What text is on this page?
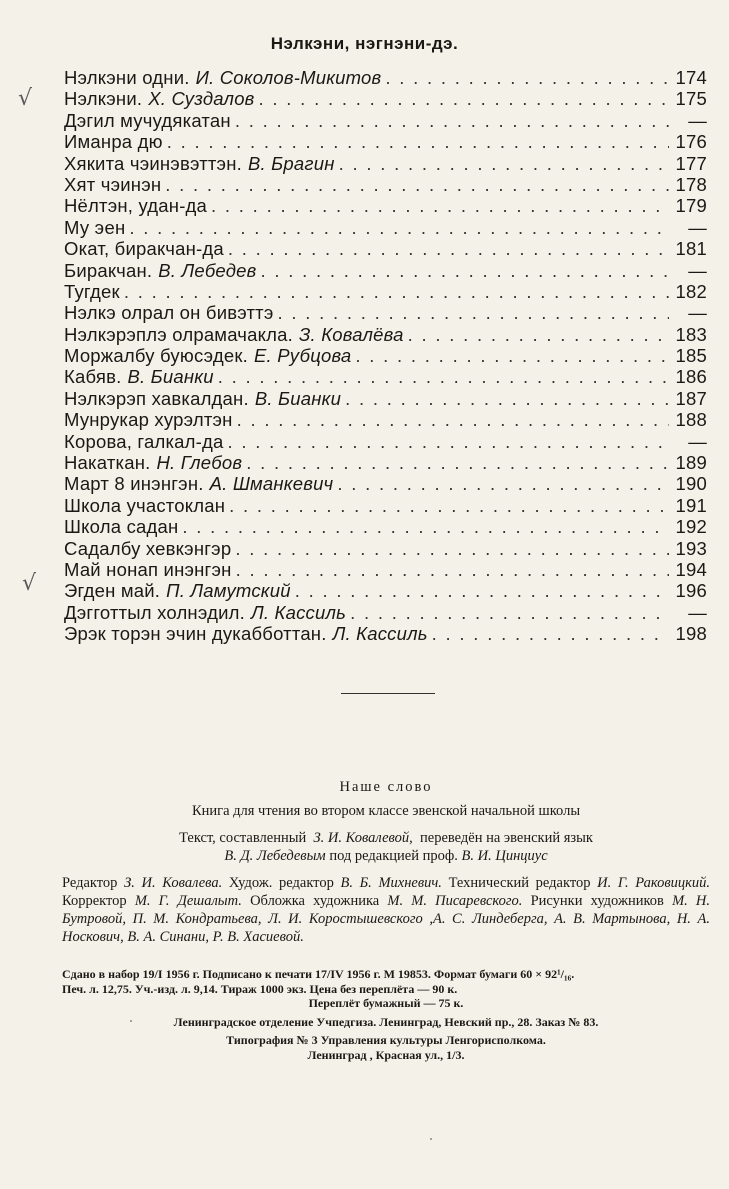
Нэлкэни, нэгнэни-дэ.
√
√
Нэлкэни одни. И. Соколов-Микитов . . .	174
Нэлкэни. Х. Суздалов . . .	175
Дэгил мучудякатан . . .	—
Иманра дю . . .	176
Хякита чэинэвэттэн. В. Брагин . . .	177
Хят чэинэн . . .	178
Нёлтэн, удан-да . . .	179
Му эен . . .	—
Окат, биракчан-да . . .	181
Биракчан. В. Лебедев . . .	—
Тугдек . . .	182
Нэлкэ олрал он бивэттэ . . .	—
Нэлкэрэплэ олрамачакла. З. Ковалёва . . .	183
Моржалбу буюсэдек. Е. Рубцова . . .	185
Кабяв. В. Бианки . . .	186
Нэлкэрэп хавкалдан. В. Бианки . . .	187
Мунрукар хурэлтэн . . .	188
Корова, галкал-да . . .	—
Накаткан. Н. Глебов . . .	189
Март 8 инэнгэн. А. Шманкевич . . .	190
Школа участоклан . . .	191
Школа садан . . .	192
Садалбу хевкэнгэр . . .	193
Май нонап инэнгэн . . .	194
Эгден май. П. Ламутский . . .	196
Дэгготтыл холнэдил. Л. Кассиль . . .	—
Эрэк торэн эчин дукабботтан. Л. Кассиль . . .	198
Наше слово
Книга для чтения во втором классе эвенской начальной школы
Текст, составленный З. И. Ковалевой, переведён на эвенский язык
В. Д. Лебедевым под редакцией проф. В. И. Цинциус
Редактор З. И. Ковалева. Худож. редактор В. Б. Михневич. Технический редактор И. Г. Раковицкий. Корректор М. Г. Дешалыт. Обложка художника М. М. Писаревского. Рисунки художников М. Н. Бутровой, П. М. Кондратьева, Л. И. Коростышевского ,А. С. Линдеберга, А. В. Мартынова, Н. А. Носкович, В. А. Синани, Р. В. Хасиевой.
Сдано в набор 19/I 1956 г. Подписано к печати 17/IV 1956 г. М 19853. Формат бумаги 60 × 92¹/₁₆.
Печ. л. 12,75. Уч.-изд. л. 9,14. Тираж 1000 экз. Цена без переплёта — 90 к.
Переплёт бумажный — 75 к.
Ленинградское отделение Учпедгиза. Ленинград, Невский пр., 28. Заказ № 83.
Типография № 3 Управления культуры Ленгорисполкома.
Ленинград , Красная ул., 1/3.
